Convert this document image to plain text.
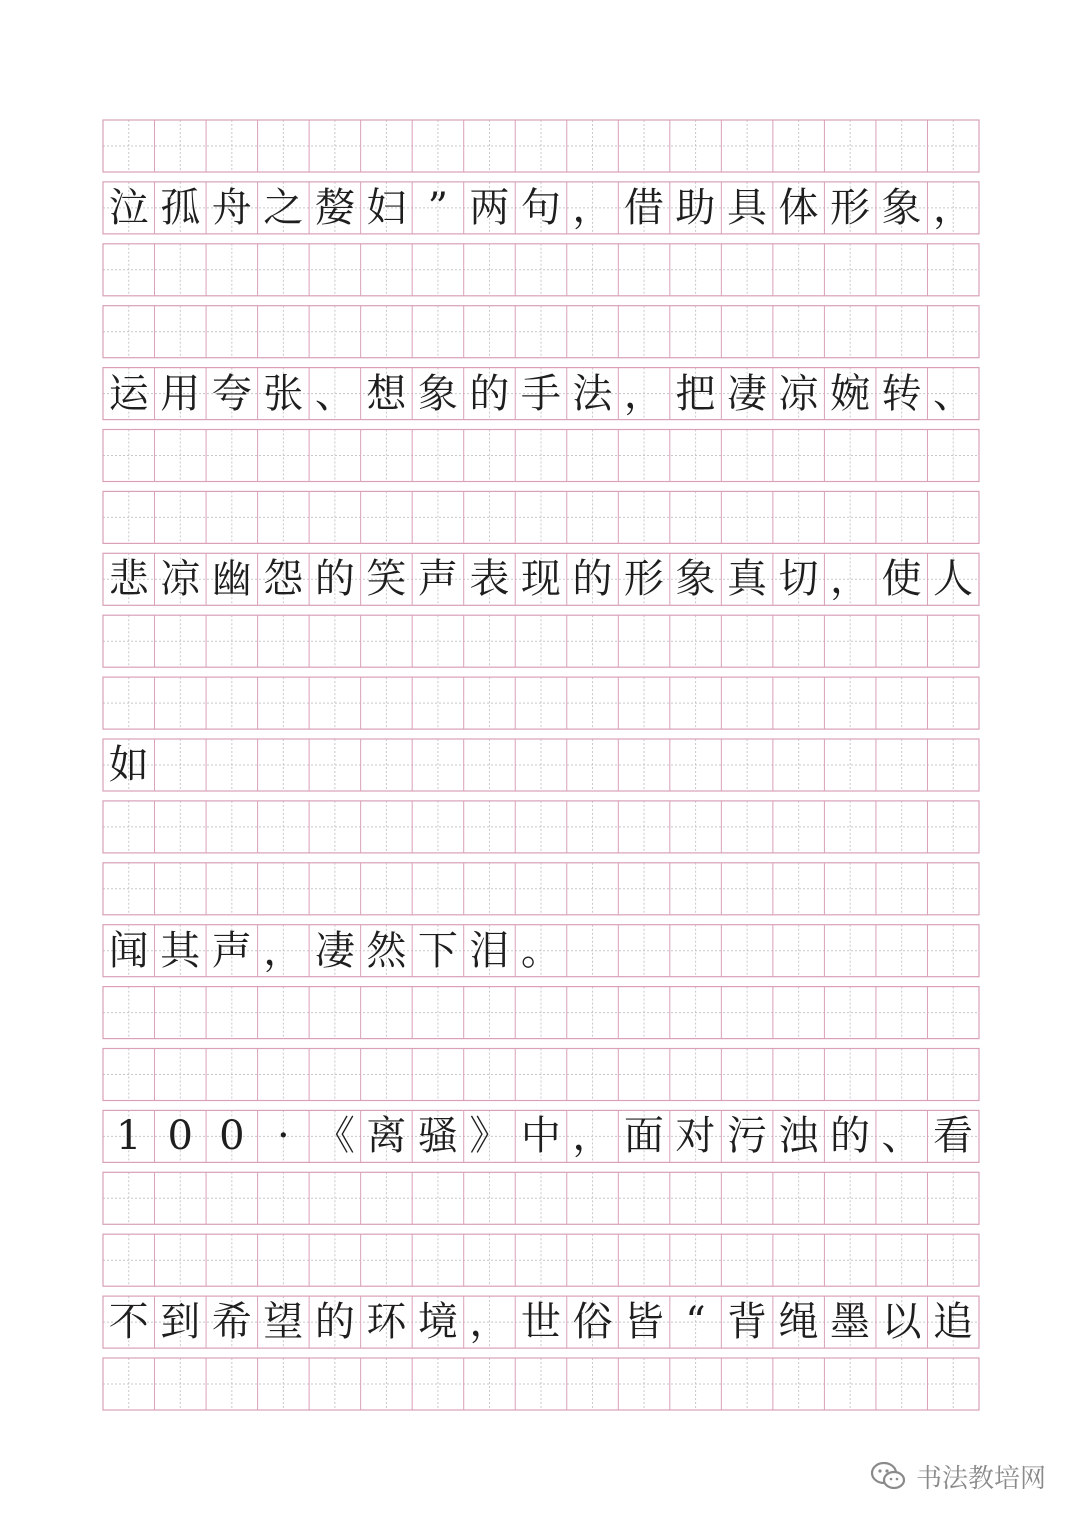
泣 孤 舟 之 嫠 妇 ” 两 句 ， 借 助 具 体 形 象 ，
运 用 夸 张 、 想 象 的 手 法 ， 把 凄 凉 婉 转 、
悲 凉 幽 怨 的 笑 声 表 现 的 形 象 真 切 ， 使 人
如
闻 其 声 ， 凄 然 下 泪 。
1 0 0 · 《 离 骚 》 中 ， 面 对 污 浊 的 、 看
不 到 希 望 的 环 境 ， 世 俗 皆 “ 背 绳 墨 以 追
书法教培网
